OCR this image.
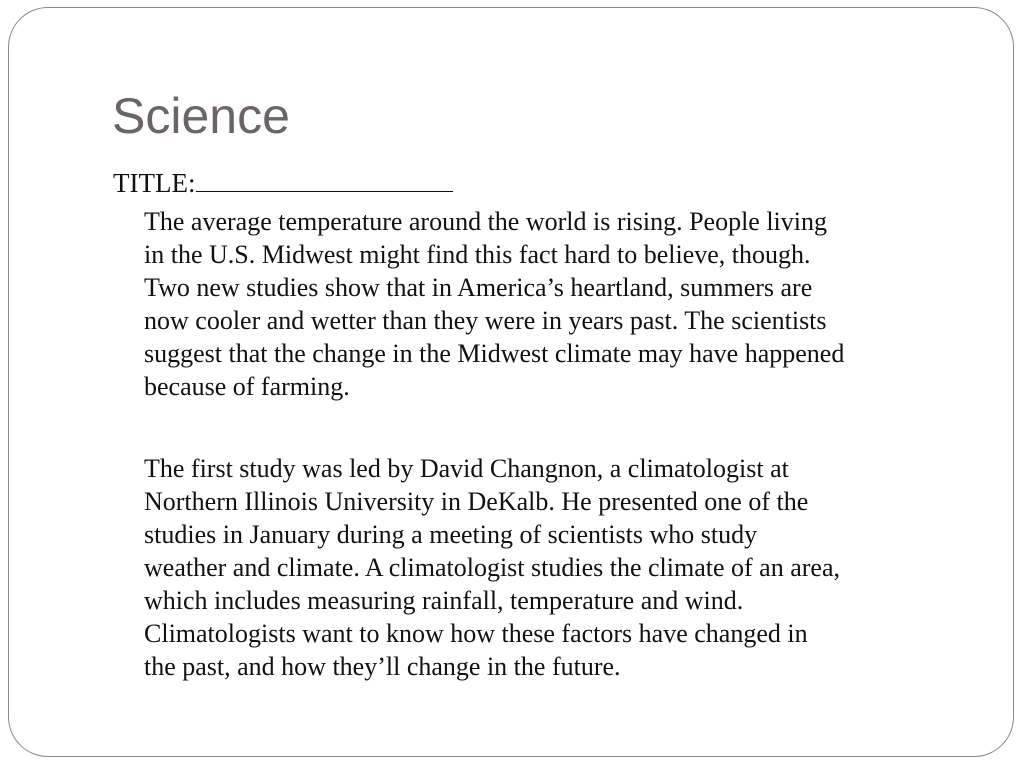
Science
TITLE:

The average temperature around the world is rising. People living
in the U.S. Midwest might find this fact hard to believe, though.
Two new studies show that in America’s heartland, summers are
now cooler and wetter than they were in years past. The scientists
suggest that the change in the Midwest climate may have happened
because of farming.

The first study was led by David Changnon, a climatologist at
Northern Illinois University in DeKalb. He presented one of the
studies in January during a meeting of scientists who study
weather and climate. A climatologist studies the climate of an area,
which includes measuring rainfall, temperature and wind.
Climatologists want to know how these factors have changed in
the past, and how they’ll change in the future.
